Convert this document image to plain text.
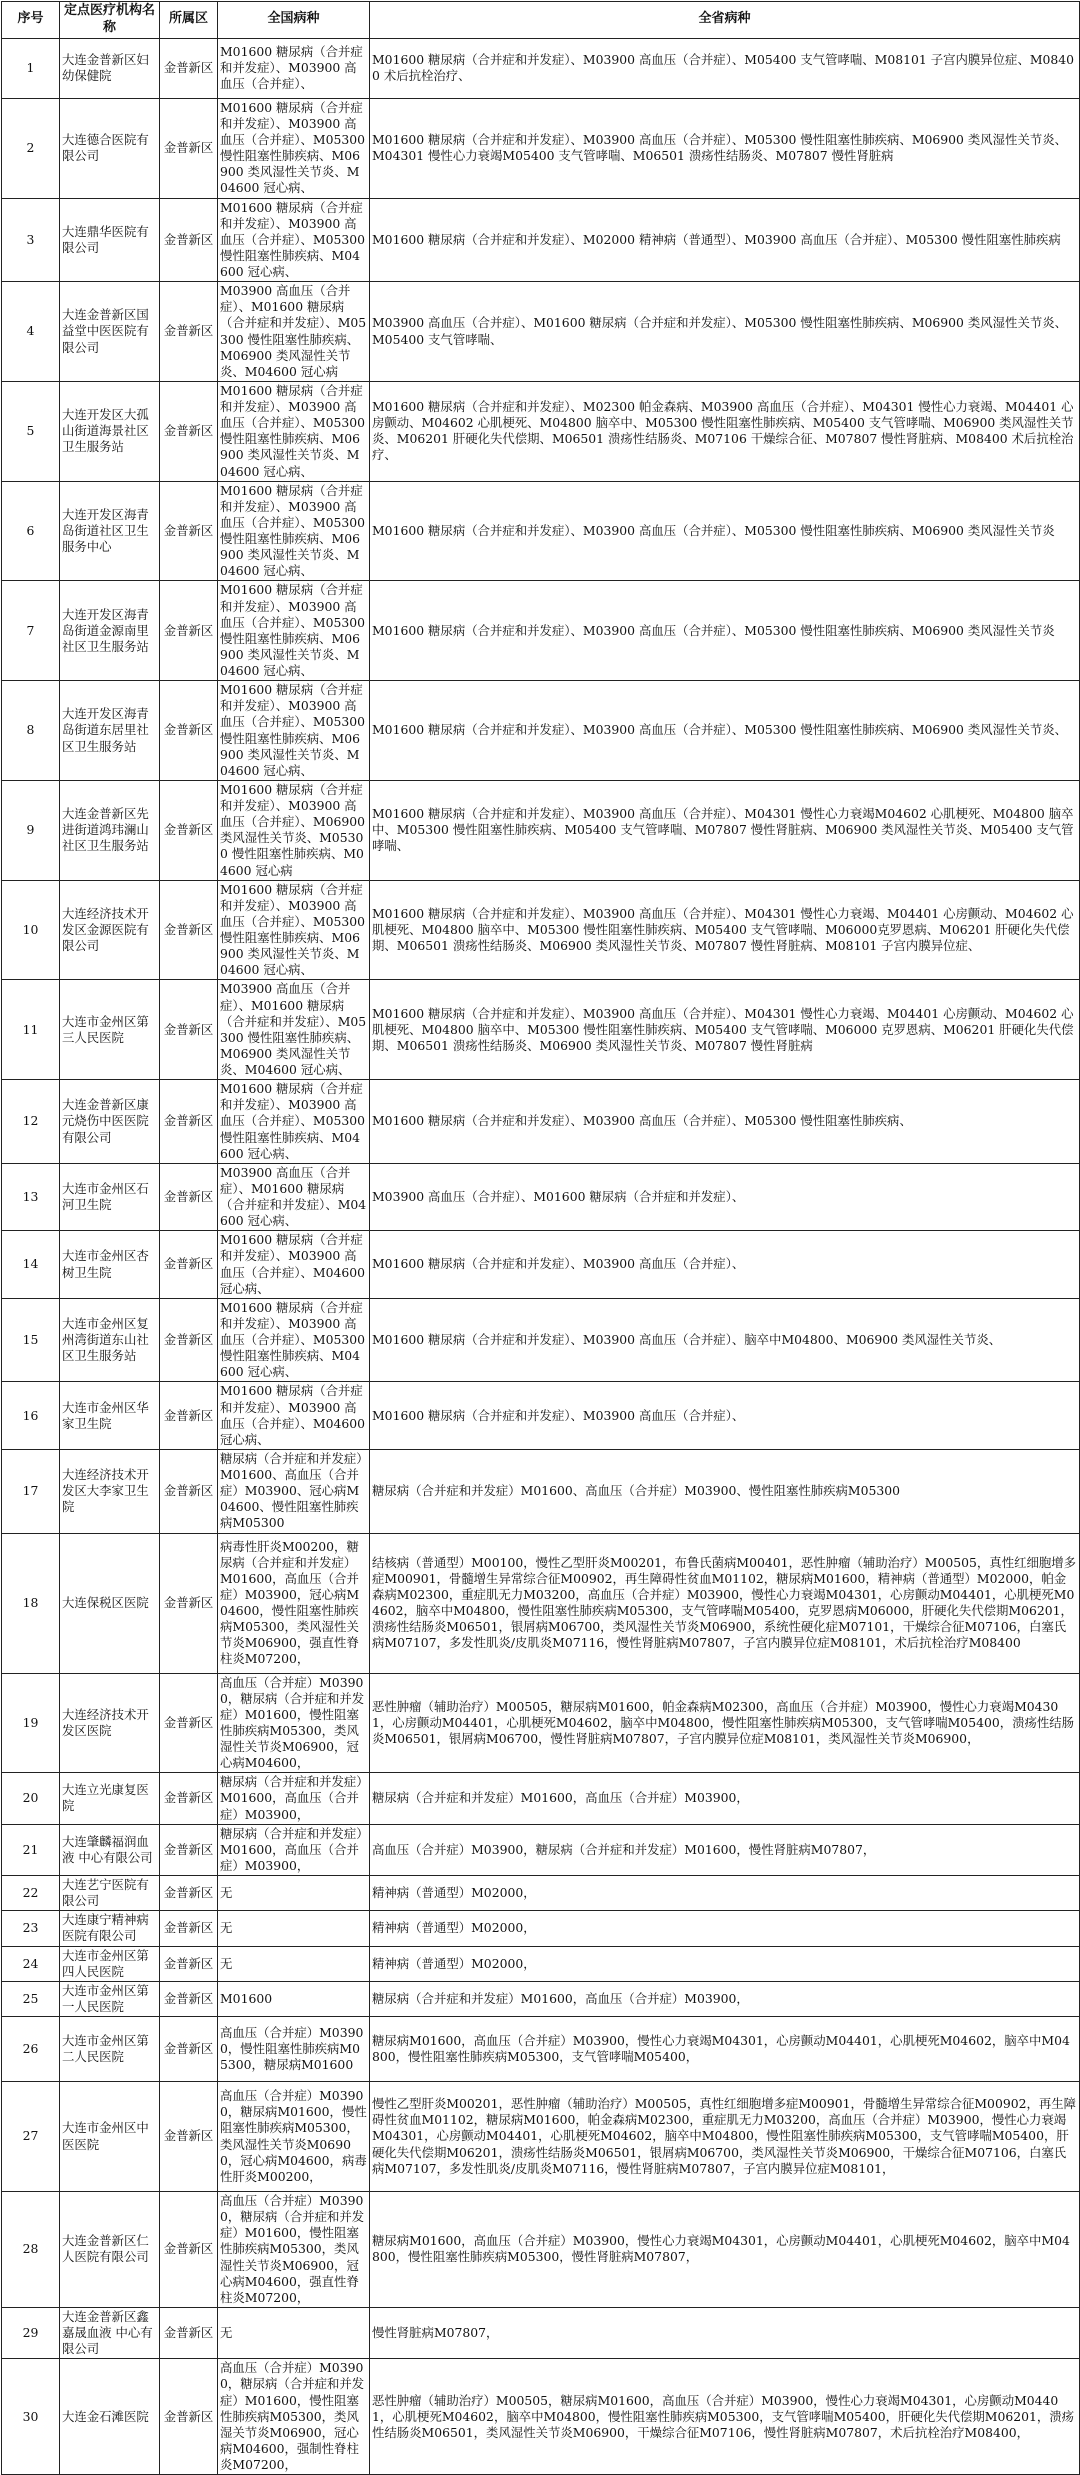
序号	定点医疗机构名称	所属区	全国病种	全省病种
1	大连金普新区妇幼保健院	金普新区	M01600 糖尿病（合并症和并发症）、M03900 高血压（合并症）、	M01600 糖尿病（合并症和并发症）、M03900 高血压（合并症）、M05400 支气管哮喘、M08101 子宫内膜异位症、M08400 术后抗栓治疗、
2	大连德合医院有限公司	金普新区	M01600 糖尿病（合并症和并发症）、M03900 高血压（合并症）、M05300 慢性阻塞性肺疾病、M06900 类风湿性关节炎、M04600 冠心病、	M01600 糖尿病（合并症和并发症）、M03900 高血压（合并症）、M05300 慢性阻塞性肺疾病、M06900 类风湿性关节炎、M04301 慢性心力衰竭M05400 支气管哮喘、M06501 溃疡性结肠炎、M07807 慢性肾脏病
3	大连鼎华医院有限公司	金普新区	M01600 糖尿病（合并症和并发症）、M03900 高血压（合并症）、M05300 慢性阻塞性肺疾病、M04600 冠心病、	M01600 糖尿病（合并症和并发症）、M02000 精神病（普通型）、M03900 高血压（合并症）、M05300 慢性阻塞性肺疾病
4	大连金普新区国益堂中医医院有限公司	金普新区	M03900 高血压（合并症）、M01600 糖尿病（合并症和并发症）、M05300 慢性阻塞性肺疾病、M06900 类风湿性关节炎、M04600 冠心病	M03900 高血压（合并症）、M01600 糖尿病（合并症和并发症）、M05300 慢性阻塞性肺疾病、M06900 类风湿性关节炎、M05400 支气管哮喘、
5	大连开发区大孤山街道海景社区卫生服务站	金普新区	M01600 糖尿病（合并症和并发症）、M03900 高血压（合并症）、M05300 慢性阻塞性肺疾病、M06900 类风湿性关节炎、M04600 冠心病、	M01600 糖尿病（合并症和并发症）、M02300 帕金森病、M03900 高血压（合并症）、M04301 慢性心力衰竭、M04401 心房颤动、M04602 心肌梗死、M04800 脑卒中、M05300 慢性阻塞性肺疾病、M05400 支气管哮喘、M06900 类风湿性关节炎、M06201 肝硬化失代偿期、M06501 溃疡性结肠炎、M07106 干燥综合征、M07807 慢性肾脏病、M08400 术后抗栓治疗、
6	大连开发区海青岛街道社区卫生服务中心	金普新区	M01600 糖尿病（合并症和并发症）、M03900 高血压（合并症）、M05300 慢性阻塞性肺疾病、M06900 类风湿性关节炎、M04600 冠心病、	M01600 糖尿病（合并症和并发症）、M03900 高血压（合并症）、M05300 慢性阻塞性肺疾病、M06900 类风湿性关节炎
7	大连开发区海青岛街道金源南里社区卫生服务站	金普新区	M01600 糖尿病（合并症和并发症）、M03900 高血压（合并症）、M05300 慢性阻塞性肺疾病、M06900 类风湿性关节炎、M04600 冠心病、	M01600 糖尿病（合并症和并发症）、M03900 高血压（合并症）、M05300 慢性阻塞性肺疾病、M06900 类风湿性关节炎
8	大连开发区海青岛街道东居里社区卫生服务站	金普新区	M01600 糖尿病（合并症和并发症）、M03900 高血压（合并症）、M05300 慢性阻塞性肺疾病、M06900 类风湿性关节炎、M04600 冠心病、	M01600 糖尿病（合并症和并发症）、M03900 高血压（合并症）、M05300 慢性阻塞性肺疾病、M06900 类风湿性关节炎、
9	大连金普新区先进街道鸿玮澜山社区卫生服务站	金普新区	M01600 糖尿病（合并症和并发症）、M03900 高血压（合并症）、M06900 类风湿性关节炎、M05300 慢性阻塞性肺疾病、M04600 冠心病	M01600 糖尿病（合并症和并发症）、M03900 高血压（合并症）、M04301 慢性心力衰竭M04602 心肌梗死、M04800 脑卒中、M05300 慢性阻塞性肺疾病、M05400 支气管哮喘、M07807 慢性肾脏病、M06900 类风湿性关节炎、M05400 支气管哮喘、
10	大连经济技术开发区金源医院有限公司	金普新区	M01600 糖尿病（合并症和并发症）、M03900 高血压（合并症）、M05300 慢性阻塞性肺疾病、M06900 类风湿性关节炎、M04600 冠心病、	M01600 糖尿病（合并症和并发症）、M03900 高血压（合并症）、M04301 慢性心力衰竭、M04401 心房颤动、M04602 心肌梗死、M04800 脑卒中、M05300 慢性阻塞性肺疾病、M05400 支气管哮喘、M06000克罗恩病、M06201 肝硬化失代偿期、M06501 溃疡性结肠炎、M06900 类风湿性关节炎、M07807 慢性肾脏病、M08101 子宫内膜异位症、
11	大连市金州区第三人民医院	金普新区	M03900 高血压（合并症）、M01600 糖尿病（合并症和并发症）、M05300 慢性阻塞性肺疾病、M06900 类风湿性关节炎、M04600 冠心病、	M01600 糖尿病（合并症和并发症）、M03900 高血压（合并症）、M04301 慢性心力衰竭、M04401 心房颤动、M04602 心肌梗死、M04800 脑卒中、M05300 慢性阻塞性肺疾病、M05400 支气管哮喘、M06000 克罗恩病、M06201 肝硬化失代偿期、M06501 溃疡性结肠炎、M06900 类风湿性关节炎、M07807 慢性肾脏病
12	大连金普新区康元烧伤中医医院有限公司	金普新区	M01600 糖尿病（合并症和并发症）、M03900 高血压（合并症）、M05300 慢性阻塞性肺疾病、M04600 冠心病、	M01600 糖尿病（合并症和并发症）、M03900 高血压（合并症）、M05300 慢性阻塞性肺疾病、
13	大连市金州区石河卫生院	金普新区	M03900 高血压（合并症）、M01600 糖尿病（合并症和并发症）、M04600 冠心病、	M03900 高血压（合并症）、M01600 糖尿病（合并症和并发症）、
14	大连市金州区杏树卫生院	金普新区	M01600 糖尿病（合并症和并发症）、M03900 高血压（合并症）、M04600 冠心病、	M01600 糖尿病（合并症和并发症）、M03900 高血压（合并症）、
15	大连市金州区复州湾街道东山社区卫生服务站	金普新区	M01600 糖尿病（合并症和并发症）、M03900 高血压（合并症）、M05300 慢性阻塞性肺疾病、M04600 冠心病、	M01600 糖尿病（合并症和并发症）、M03900 高血压（合并症）、脑卒中M04800、M06900 类风湿性关节炎、
16	大连市金州区华家卫生院	金普新区	M01600 糖尿病（合并症和并发症）、M03900 高血压（合并症）、M04600 冠心病、	M01600 糖尿病（合并症和并发症）、M03900 高血压（合并症）、
17	大连经济技术开发区大李家卫生院	金普新区	糖尿病（合并症和并发症）M01600、高血压（合并症）M03900、冠心病M04600、慢性阻塞性肺疾病M05300	糖尿病（合并症和并发症）M01600、高血压（合并症）M03900、慢性阻塞性肺疾病M05300
18	大连保税区医院	金普新区	病毒性肝炎M00200，糖尿病（合并症和并发症）M01600，高血压（合并症）M03900，冠心病M04600，慢性阻塞性肺疾病M05300，类风湿性关节炎M06900，强直性脊柱炎M07200，	结核病（普通型）M00100，慢性乙型肝炎M00201，布鲁氏菌病M00401，恶性肿瘤（辅助治疗）M00505，真性红细胞增多症M00901，骨髓增生异常综合征M00902，再生障碍性贫血M01102，糖尿病M01600，精神病（普通型）M02000，帕金森病M02300，重症肌无力M03200，高血压（合并症）M03900，慢性心力衰竭M04301，心房颤动M04401，心肌梗死M04602，脑卒中M04800，慢性阻塞性肺疾病M05300，支气管哮喘M05400，克罗恩病M06000，肝硬化失代偿期M06201，溃疡性结肠炎M06501，银屑病M06700，类风湿性关节炎M06900，系统性硬化症M07101，干燥综合征M07106，白塞氏病M07107，多发性肌炎/皮肌炎M07116，慢性肾脏病M07807，子宫内膜异位症M08101，术后抗栓治疗M08400
19	大连经济技术开发区医院	金普新区	高血压（合并症）M03900，糖尿病（合并症和并发症）M01600，慢性阻塞性肺疾病M05300，类风湿性关节炎M06900，冠心病M04600，	恶性肿瘤（辅助治疗）M00505，糖尿病M01600，帕金森病M02300，高血压（合并症）M03900，慢性心力衰竭M04301，心房颤动M04401，心肌梗死M04602，脑卒中M04800，慢性阻塞性肺疾病M05300，支气管哮喘M05400，溃疡性结肠炎M06501，银屑病M06700，慢性肾脏病M07807，子宫内膜异位症M08101，类风湿性关节炎M06900，
20	大连立光康复医院	金普新区	糖尿病（合并症和并发症）M01600，高血压（合并症）M03900，	糖尿病（合并症和并发症）M01600，高血压（合并症）M03900，
21	大连肇麟福润血液 中心有限公司	金普新区	糖尿病（合并症和并发症）M01600，高血压（合并症）M03900，	高血压（合并症）M03900，糖尿病（合并症和并发症）M01600，慢性肾脏病M07807，
22	大连艺宁医院有限公司	金普新区	无	精神病（普通型）M02000，
23	大连康宁精神病医院有限公司	金普新区	无	精神病（普通型）M02000，
24	大连市金州区第四人民医院	金普新区	无	精神病（普通型）M02000，
25	大连市金州区第一人民医院	金普新区	M01600	糖尿病（合并症和并发症）M01600，高血压（合并症）M03900，
26	大连市金州区第二人民医院	金普新区	高血压（合并症）M03900，慢性阻塞性肺疾病M05300，糖尿病M01600	糖尿病M01600，高血压（合并症）M03900，慢性心力衰竭M04301，心房颤动M04401，心肌梗死M04602，脑卒中M04800，慢性阻塞性肺疾病M05300，支气管哮喘M05400，
27	大连市金州区中医医院	金普新区	高血压（合并症）M03900，糖尿病M01600，慢性阻塞性肺疾病M05300，类风湿性关节炎M06900，冠心病M04600，病毒性肝炎M00200，	慢性乙型肝炎M00201，恶性肿瘤（辅助治疗）M00505，真性红细胞增多症M00901，骨髓增生异常综合征M00902，再生障碍性贫血M01102，糖尿病M01600，帕金森病M02300，重症肌无力M03200，高血压（合并症）M03900，慢性心力衰竭M04301，心房颤动M04401，心肌梗死M04602，脑卒中M04800，慢性阻塞性肺疾病M05300，支气管哮喘M05400，肝硬化失代偿期M06201，溃疡性结肠炎M06501，银屑病M06700，类风湿性关节炎M06900，干燥综合征M07106，白塞氏病M07107，多发性肌炎/皮肌炎M07116，慢性肾脏病M07807，子宫内膜异位症M08101，
28	大连金普新区仁人医院有限公司	金普新区	高血压（合并症）M03900，糖尿病（合并症和并发症）M01600，慢性阻塞性肺疾病M05300，类风湿性关节炎M06900，冠心病M04600，强直性脊柱炎M07200，	糖尿病M01600，高血压（合并症）M03900，慢性心力衰竭M04301，心房颤动M04401，心肌梗死M04602，脑卒中M04800，慢性阻塞性肺疾病M05300，慢性肾脏病M07807，
29	大连金普新区鑫嘉晟血液 中心有限公司	金普新区	无	慢性肾脏病M07807，
30	大连金石滩医院	金普新区	高血压（合并症）M03900，糖尿病（合并症和并发症）M01600，慢性阻塞性肺疾病M05300，类风湿关节炎M06900，冠心病M04600，强制性脊柱炎M07200，	恶性肿瘤（辅助治疗）M00505，糖尿病M01600，高血压（合并症）M03900，慢性心力衰竭M04301，心房颤动M04401，心肌梗死M04602，脑卒中M04800，慢性阻塞性肺疾病M05300，支气管哮喘M05400，肝硬化失代偿期M06201，溃疡性结肠炎M06501，类风湿性关节炎M06900，干燥综合征M07106，慢性肾脏病M07807，术后抗栓治疗M08400，
